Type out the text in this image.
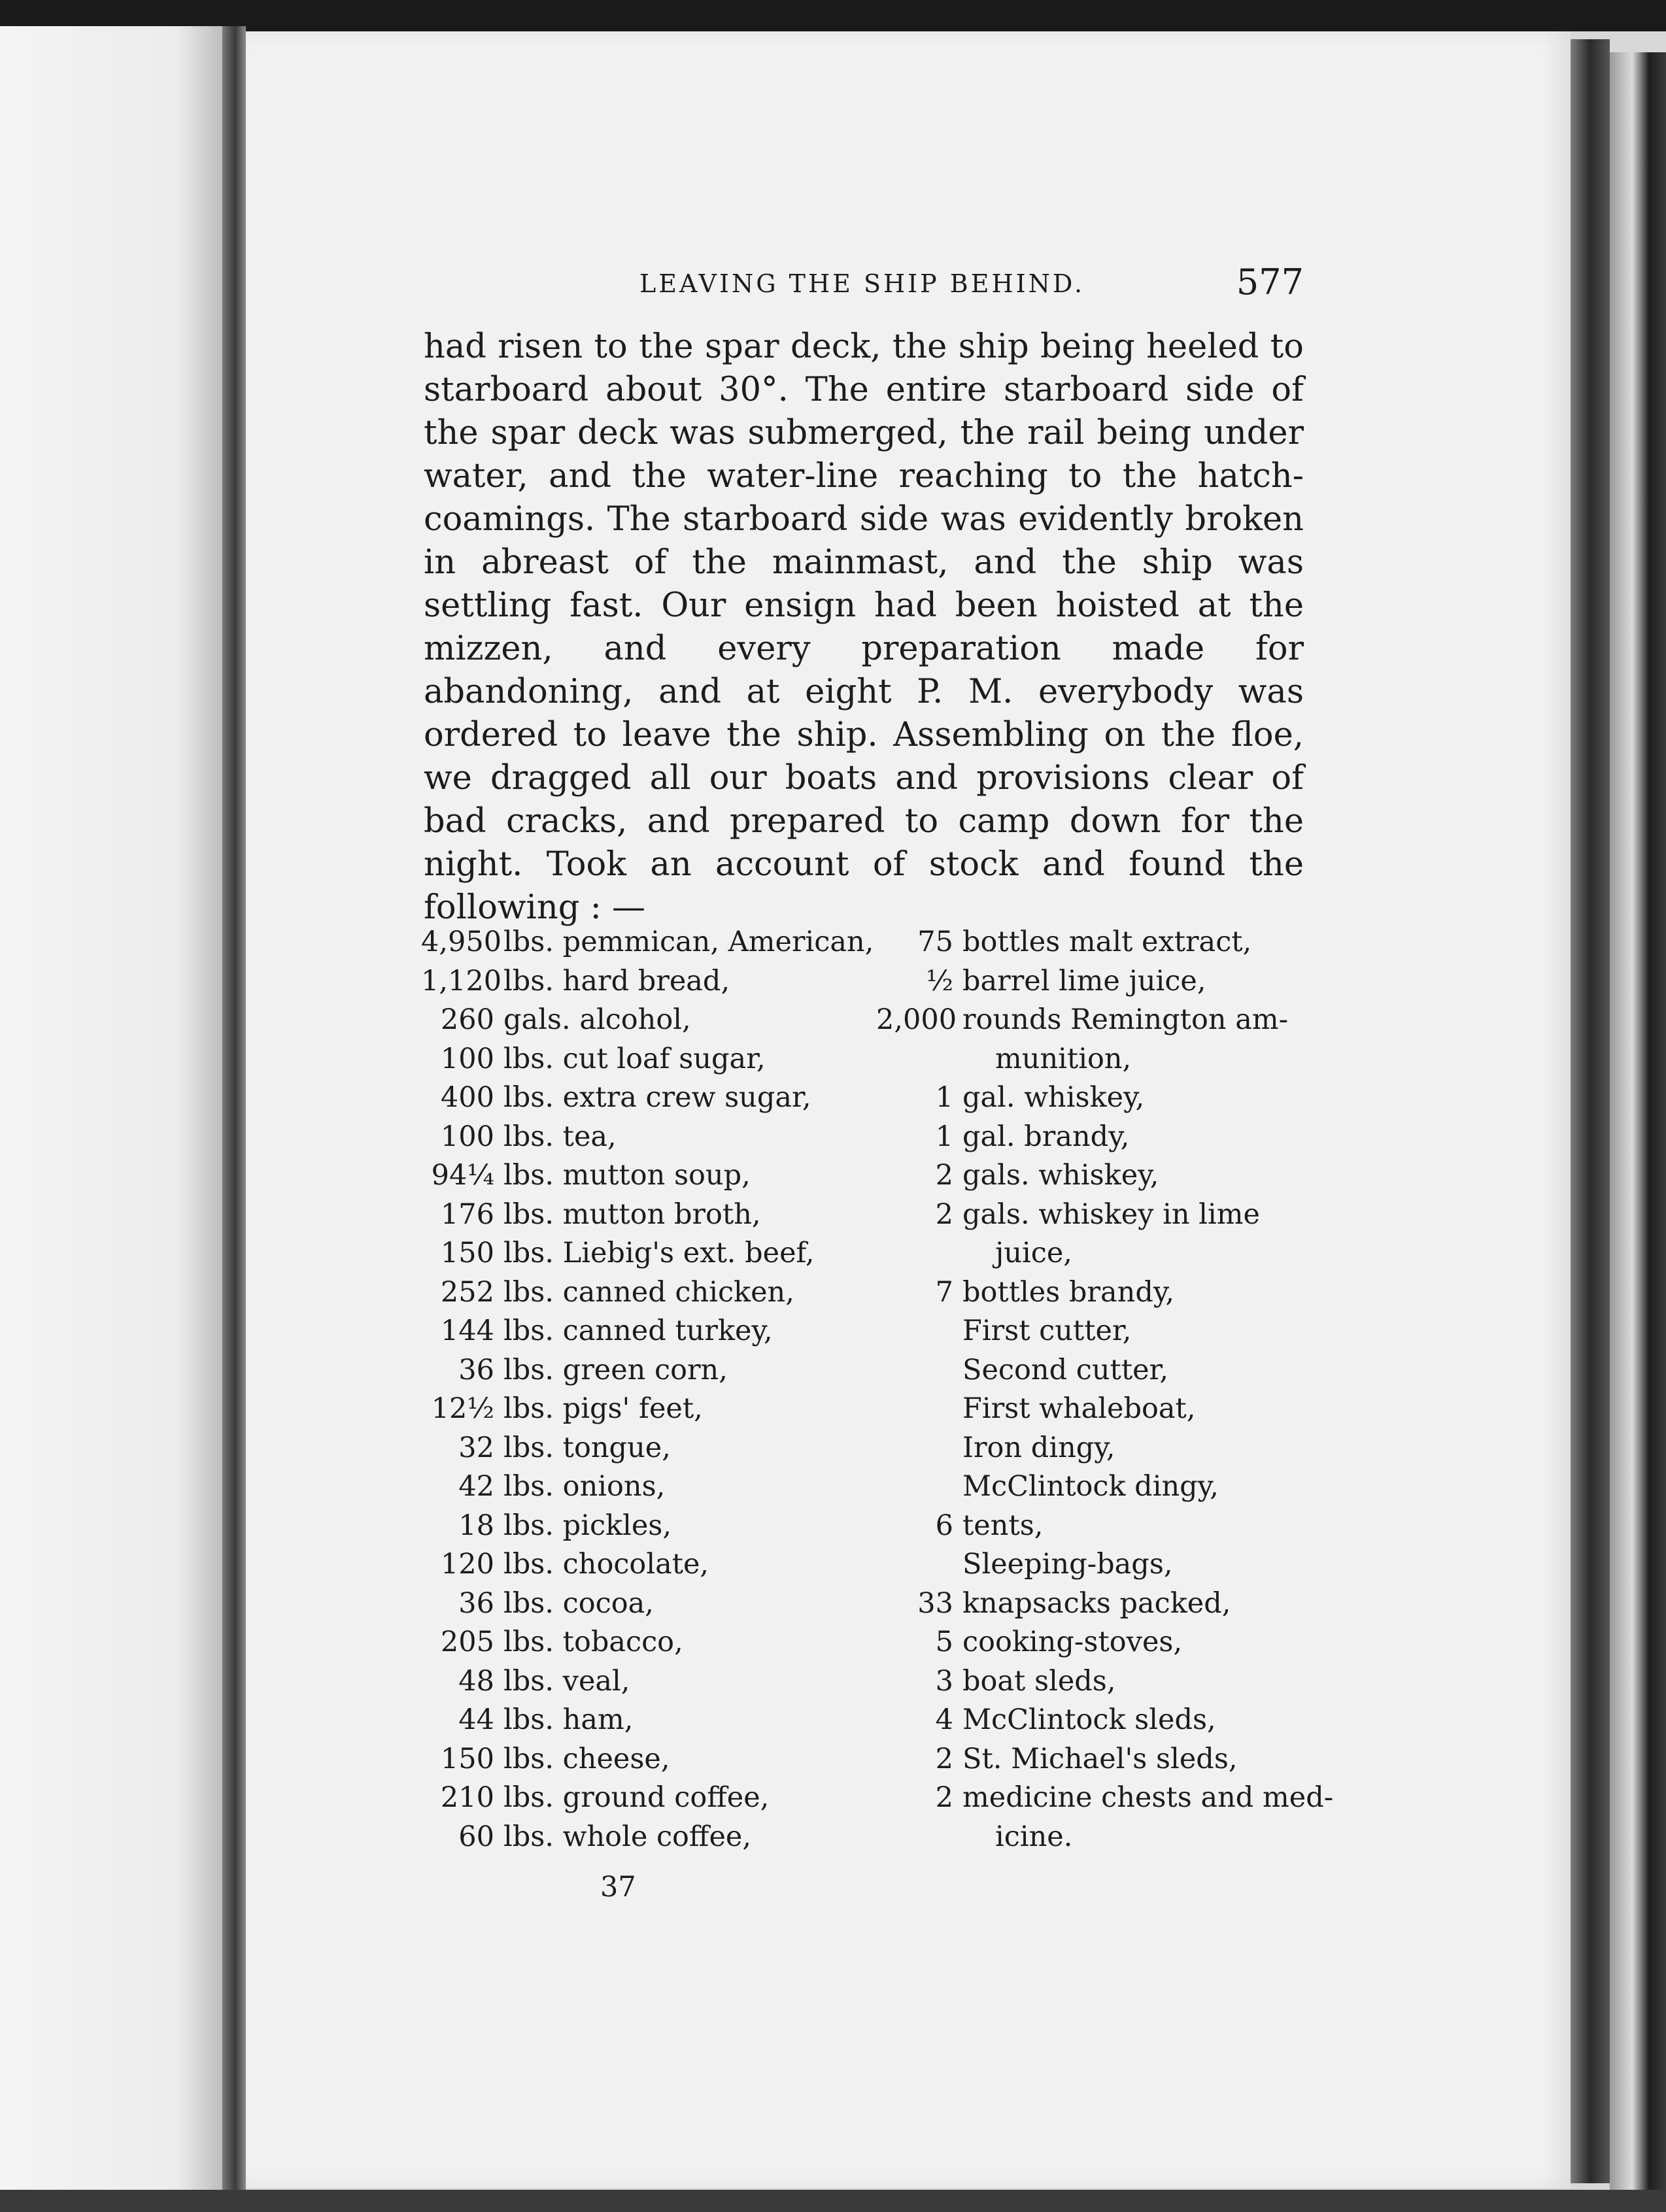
LEAVING THE SHIP BEHIND.	577

had risen to the spar deck, the ship being heeled to starboard about 30°. The entire starboard side of the spar deck was submerged, the rail being under water, and the water-line reaching to the hatch-coamings. The starboard side was evidently broken in abreast of the mainmast, and the ship was settling fast. Our ensign had been hoisted at the mizzen, and every preparation made for abandoning, and at eight P. M. everybody was ordered to leave the ship. Assembling on the floe, we dragged all our boats and provisions clear of bad cracks, and prepared to camp down for the night. Took an account of stock and found the following : —

4,950lbs. pemmican, American,
1,120lbs. hard bread,
260 gals. alcohol,
100 lbs. cut loaf sugar,
400 lbs. extra crew sugar,
100 lbs. tea,
94¼ lbs. mutton soup,
176 lbs. mutton broth,
150 lbs. Liebig's ext. beef,
252 lbs. canned chicken,
144 lbs. canned turkey,
36 lbs. green corn,
12½ lbs. pigs' feet,
32 lbs. tongue,
42 lbs. onions,
18 lbs. pickles,
120 lbs. chocolate,
36 lbs. cocoa,
205 lbs. tobacco,
48 lbs. veal,
44 lbs. ham,
150 lbs. cheese,
210 lbs. ground coffee,
60 lbs. whole coffee,
75 bottles malt extract,
½ barrel lime juice,
2,000 rounds Remington am-
munition,
1 gal. whiskey,
1 gal. brandy,
2 gals. whiskey,
2 gals. whiskey in lime
juice,
7 bottles brandy,
First cutter,
Second cutter,
First whaleboat,
Iron dingy,
McClintock dingy,
6 tents,
Sleeping-bags,
33 knapsacks packed,
5 cooking-stoves,
3 boat sleds,
4 McClintock sleds,
2 St. Michael's sleds,
2 medicine chests and med-
icine.
37
